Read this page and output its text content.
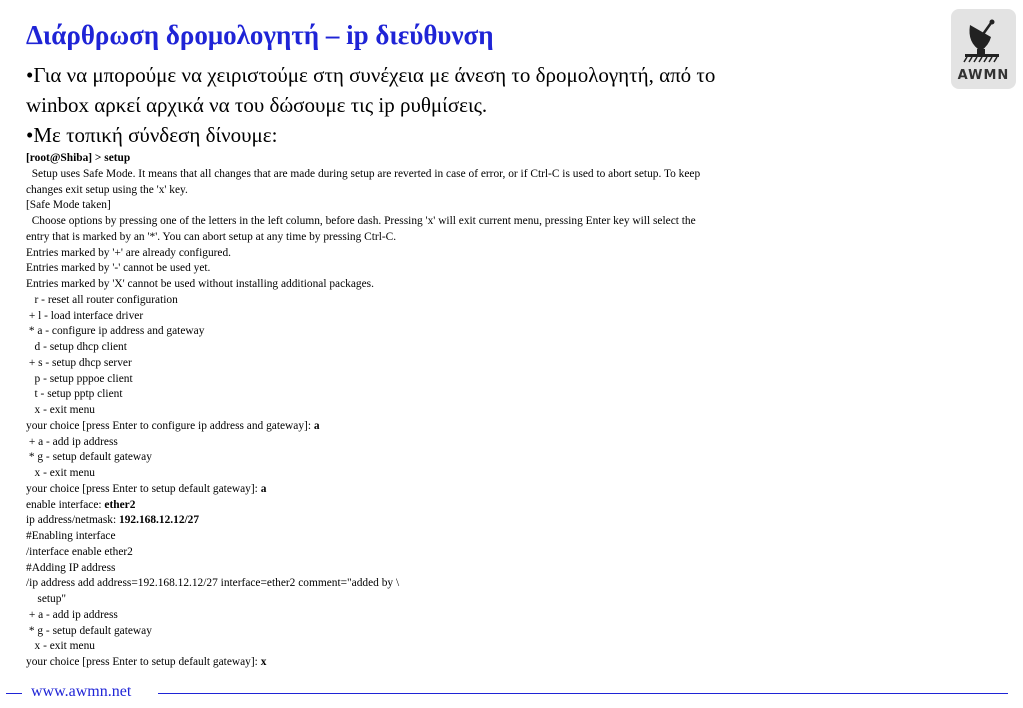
Διάρθρωση δρομολογητή – ip διεύθυνση
•Για να μπορούμε να χειριστούμε στη συνέχεια με άνεση το δρομολογητή, από το
winbox αρκεί αρχικά να του δώσουμε τις ip ρυθμίσεις.
•Με τοπική σύνδεση δίνουμε:
[root@Shiba] > setup
Setup uses Safe Mode. It means that all changes that are made during setup are reverted in case of error, or if Ctrl-C is used to abort setup. To keep
changes exit setup using the 'x' key.
[Safe Mode taken]
Choose options by pressing one of the letters in the left column, before dash. Pressing 'x' will exit current menu, pressing Enter key will select the
entry that is marked by an '*'. You can abort setup at any time by pressing Ctrl-C.
Entries marked by '+' are already configured.
Entries marked by '-' cannot be used yet.
Entries marked by 'X' cannot be used without installing additional packages.
r - reset all router configuration
+ l - load interface driver
* a - configure ip address and gateway
d - setup dhcp client
+ s - setup dhcp server
p - setup pppoe client
t - setup pptp client
x - exit menu
your choice [press Enter to configure ip address and gateway]: a
+ a - add ip address
* g - setup default gateway
x - exit menu
your choice [press Enter to setup default gateway]: a
enable interface: ether2
ip address/netmask: 192.168.12.12/27
#Enabling interface
/interface enable ether2
#Adding IP address
/ip address add address=192.168.12.12/27 interface=ether2 comment="added by \
setup"
+ a - add ip address
* g - setup default gateway
x - exit menu
your choice [press Enter to setup default gateway]: x
AWMN
www.awmn.net
